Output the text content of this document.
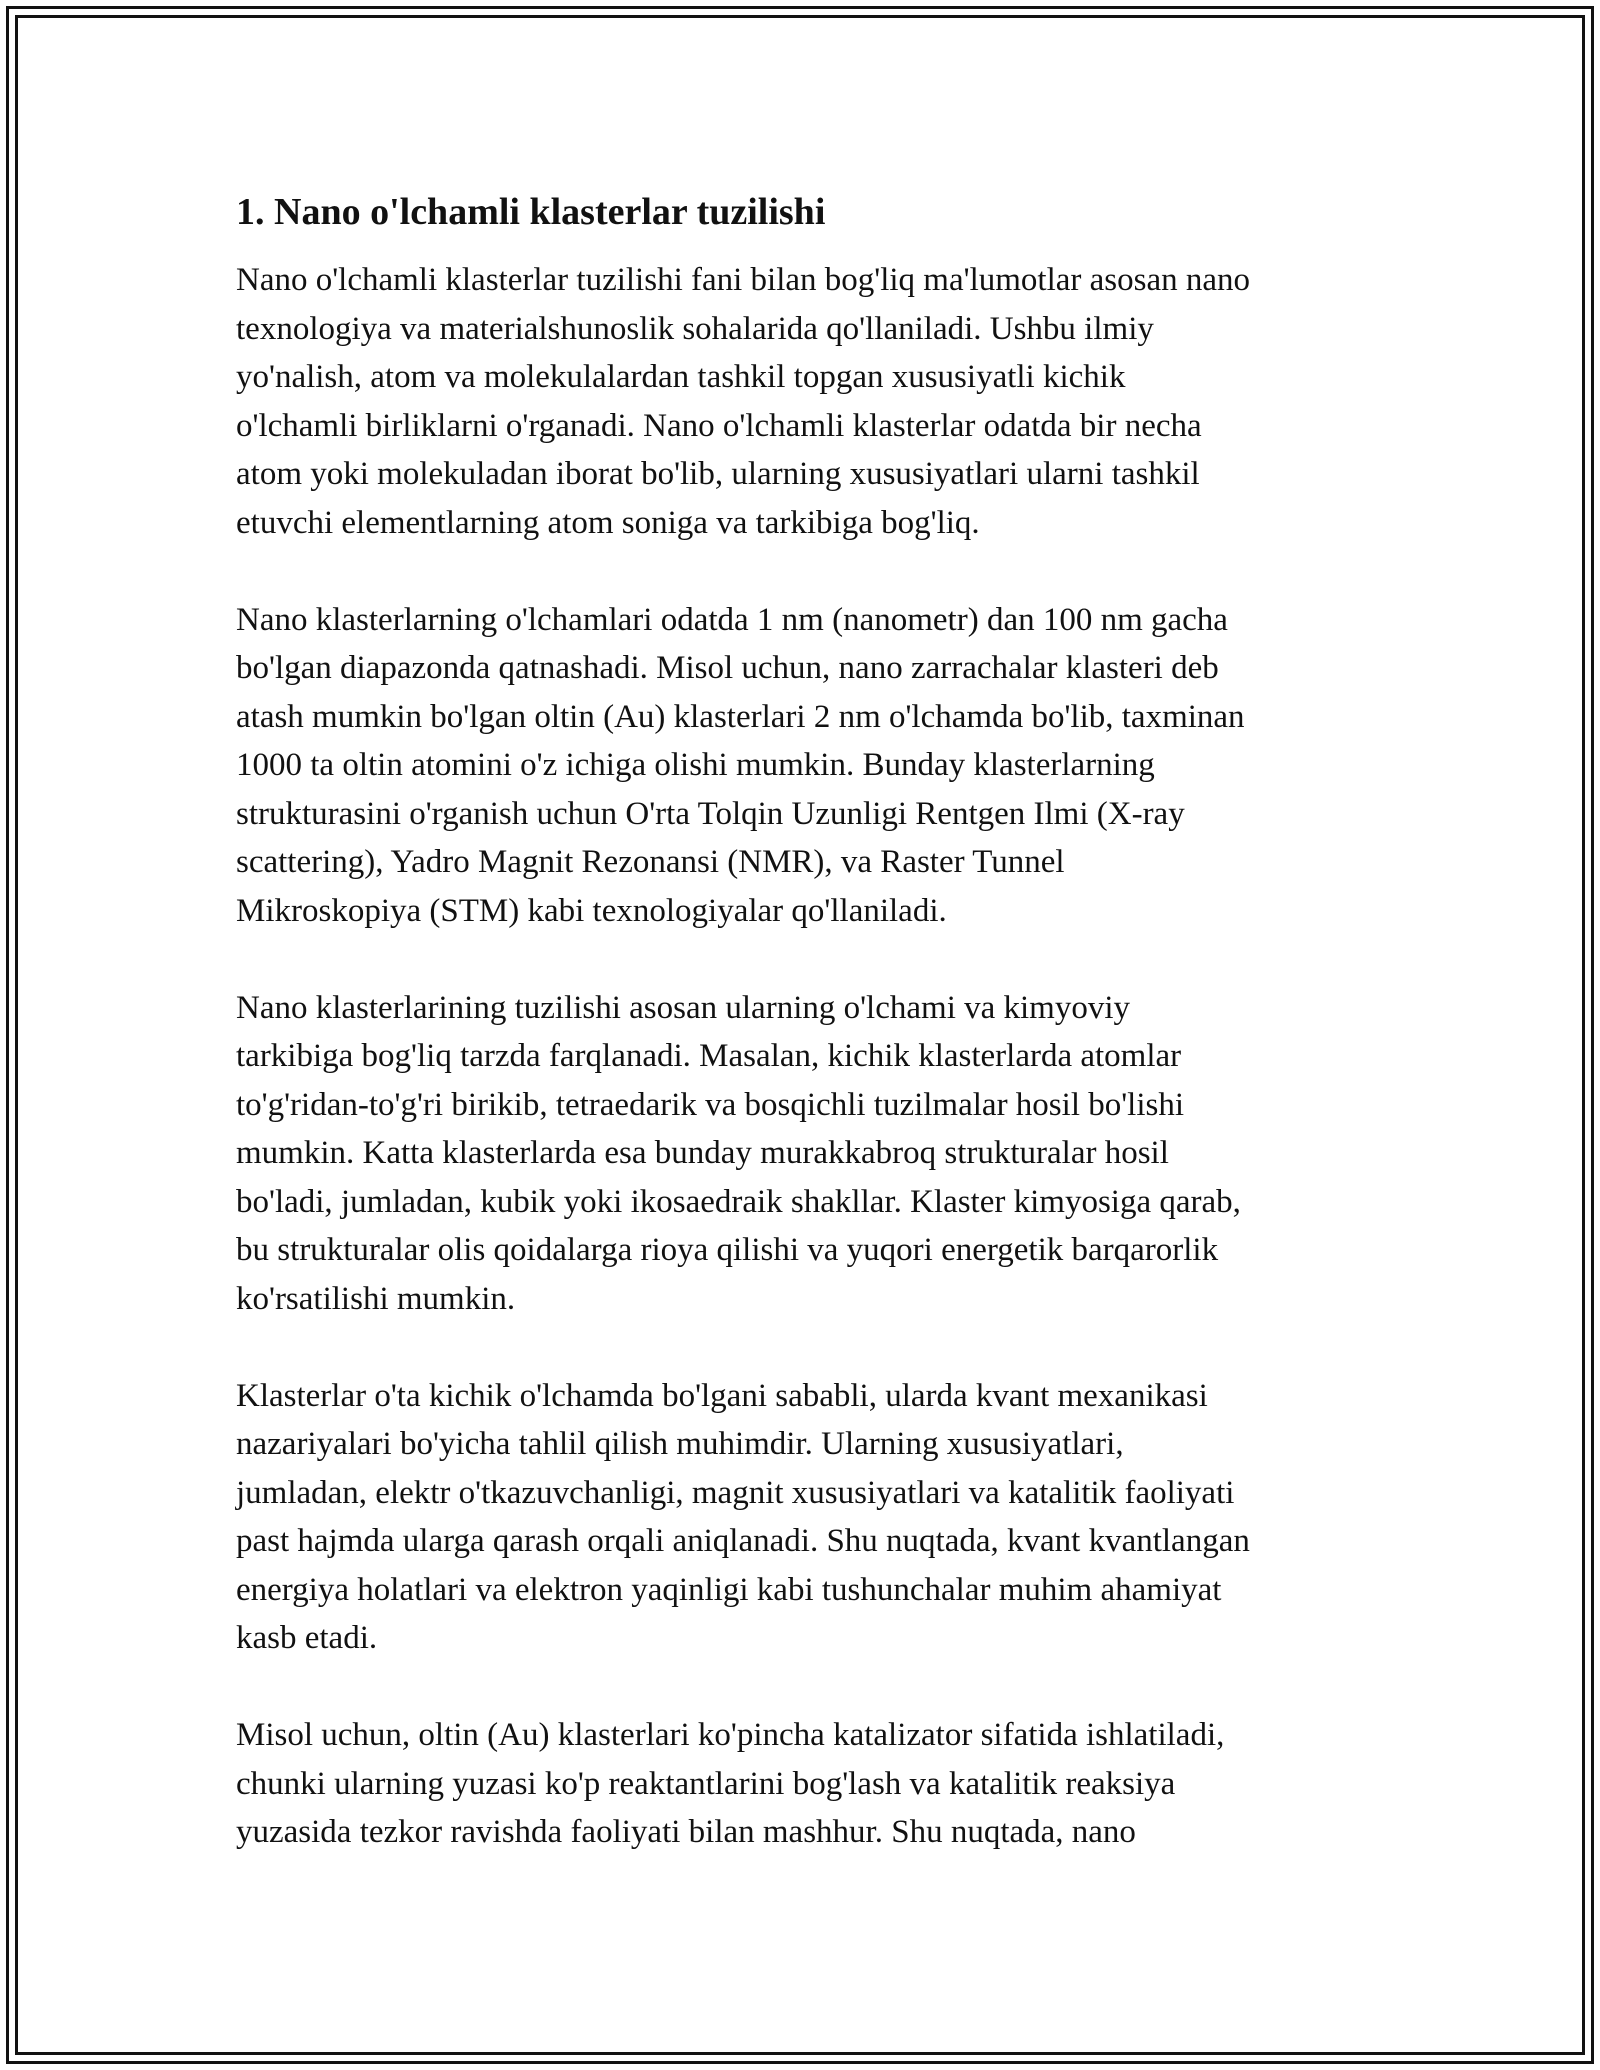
1. Nano o'lchamli klasterlar tuzilishi

Nano o'lchamli klasterlar tuzilishi fani bilan bog'liq ma'lumotlar asosan nano
texnologiya va materialshunoslik sohalarida qo'llaniladi. Ushbu ilmiy
yo'nalish, atom va molekulalardan tashkil topgan xususiyatli kichik
o'lchamli birliklarni o'rganadi. Nano o'lchamli klasterlar odatda bir necha
atom yoki molekuladan iborat bo'lib, ularning xususiyatlari ularni tashkil
etuvchi elementlarning atom soniga va tarkibiga bog'liq.

Nano klasterlarning o'lchamlari odatda 1 nm (nanometr) dan 100 nm gacha
bo'lgan diapazonda qatnashadi. Misol uchun, nano zarrachalar klasteri deb
atash mumkin bo'lgan oltin (Au) klasterlari 2 nm o'lchamda bo'lib, taxminan
1000 ta oltin atomini o'z ichiga olishi mumkin. Bunday klasterlarning
strukturasini o'rganish uchun O'rta Tolqin Uzunligi Rentgen Ilmi (X-ray
scattering), Yadro Magnit Rezonansi (NMR), va Raster Tunnel
Mikroskopiya (STM) kabi texnologiyalar qo'llaniladi.

Nano klasterlarining tuzilishi asosan ularning o'lchami va kimyoviy
tarkibiga bog'liq tarzda farqlanadi. Masalan, kichik klasterlarda atomlar
to'g'ridan-to'g'ri birikib, tetraedarik va bosqichli tuzilmalar hosil bo'lishi
mumkin. Katta klasterlarda esa bunday murakkabroq strukturalar hosil
bo'ladi, jumladan, kubik yoki ikosaedraik shakllar. Klaster kimyosiga qarab,
bu strukturalar olis qoidalarga rioya qilishi va yuqori energetik barqarorlik
ko'rsatilishi mumkin.

Klasterlar o'ta kichik o'lchamda bo'lgani sababli, ularda kvant mexanikasi
nazariyalari bo'yicha tahlil qilish muhimdir. Ularning xususiyatlari,
jumladan, elektr o'tkazuvchanligi, magnit xususiyatlari va katalitik faoliyati
past hajmda ularga qarash orqali aniqlanadi. Shu nuqtada, kvant kvantlangan
energiya holatlari va elektron yaqinligi kabi tushunchalar muhim ahamiyat
kasb etadi.

Misol uchun, oltin (Au) klasterlari ko'pincha katalizator sifatida ishlatiladi,
chunki ularning yuzasi ko'p reaktantlarini bog'lash va katalitik reaksiya
yuzasida tezkor ravishda faoliyati bilan mashhur. Shu nuqtada, nano
